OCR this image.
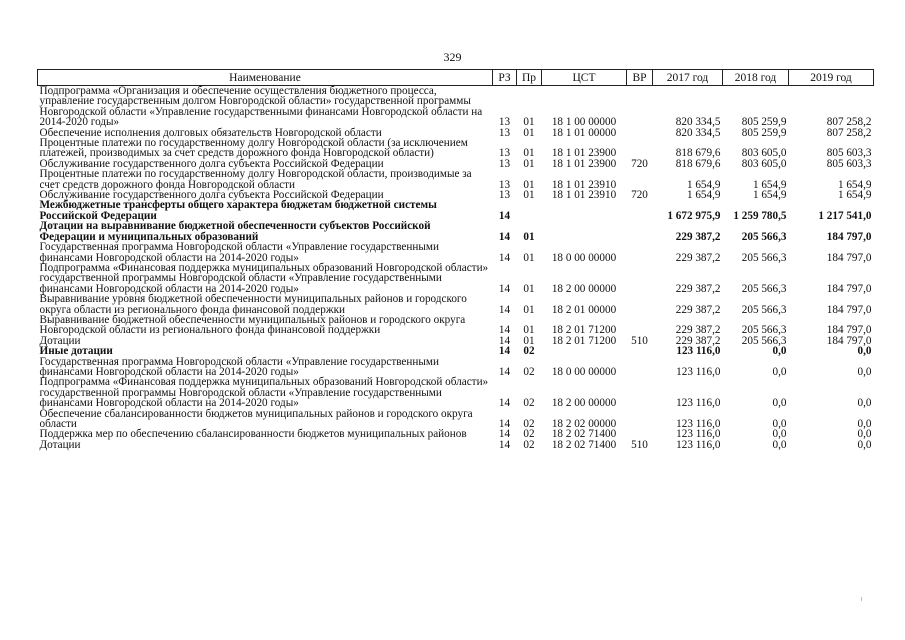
329
Наименование	РЗ	Пр	ЦСТ	ВР	2017 год	2018 год	2019 год
Подпрограмма «Организация и обеспечение осуществления бюджетного процесса, управление государственным долгом Новгородской области» государственной программы Новгородской области «Управление государственными финансами Новгородской области на 2014-2020 годы»	13	01	18 1 00 00000		820 334,5	805 259,9	807 258,2
Обеспечение исполнения долговых обязательств Новгородской области	13	01	18 1 01 00000		820 334,5	805 259,9	807 258,2
Процентные платежи по государственному долгу Новгородской области (за исключением платежей, производимых за счет средств дорожного фонда Новгородской области)	13	01	18 1 01 23900		818 679,6	803 605,0	805 603,3
Обслуживание государственного долга субъекта Российской Федерации	13	01	18 1 01 23900	720	818 679,6	803 605,0	805 603,3
Процентные платежи по государственному долгу Новгородской области, производимые за счет средств дорожного фонда Новгородской области	13	01	18 1 01 23910		1 654,9	1 654,9	1 654,9
Обслуживание государственного долга субъекта Российской Федерации	13	01	18 1 01 23910	720	1 654,9	1 654,9	1 654,9
Межбюджетные трансферты общего характера бюджетам бюджетной системы Российской Федерации	14				1 672 975,9	1 259 780,5	1 217 541,0
Дотации на выравнивание бюджетной обеспеченности субъектов Российской Федерации и муниципальных образований	14	01			229 387,2	205 566,3	184 797,0
Государственная программа Новгородской области «Управление государственными финансами Новгородской области на 2014-2020 годы»	14	01	18 0 00 00000		229 387,2	205 566,3	184 797,0
Подпрограмма «Финансовая поддержка муниципальных образований Новгородской области» государственной программы Новгородской области «Управление государственными финансами Новгородской области на 2014-2020 годы»	14	01	18 2 00 00000		229 387,2	205 566,3	184 797,0
Выравнивание уровня бюджетной обеспеченности муниципальных районов и городского округа области из регионального фонда финансовой поддержки	14	01	18 2 01 00000		229 387,2	205 566,3	184 797,0
Выравнивание бюджетной обеспеченности муниципальных районов и городского округа Новгородской области из регионального фонда финансовой поддержки	14	01	18 2 01 71200		229 387,2	205 566,3	184 797,0
Дотации	14	01	18 2 01 71200	510	229 387,2	205 566,3	184 797,0
Иные дотации	14	02			123 116,0	0,0	0,0
Государственная программа Новгородской области «Управление государственными финансами Новгородской области на 2014-2020 годы»	14	02	18 0 00 00000		123 116,0	0,0	0,0
Подпрограмма «Финансовая поддержка муниципальных образований Новгородской области» государственной программы Новгородской области «Управление государственными финансами Новгородской области на 2014-2020 годы»	14	02	18 2 00 00000		123 116,0	0,0	0,0
Обеспечение сбалансированности бюджетов муниципальных районов и городского округа области	14	02	18 2 02 00000		123 116,0	0,0	0,0
Поддержка мер по обеспечению сбалансированности бюджетов муниципальных районов	14	02	18 2 02 71400		123 116,0	0,0	0,0
Дотации	14	02	18 2 02 71400	510	123 116,0	0,0	0,0
